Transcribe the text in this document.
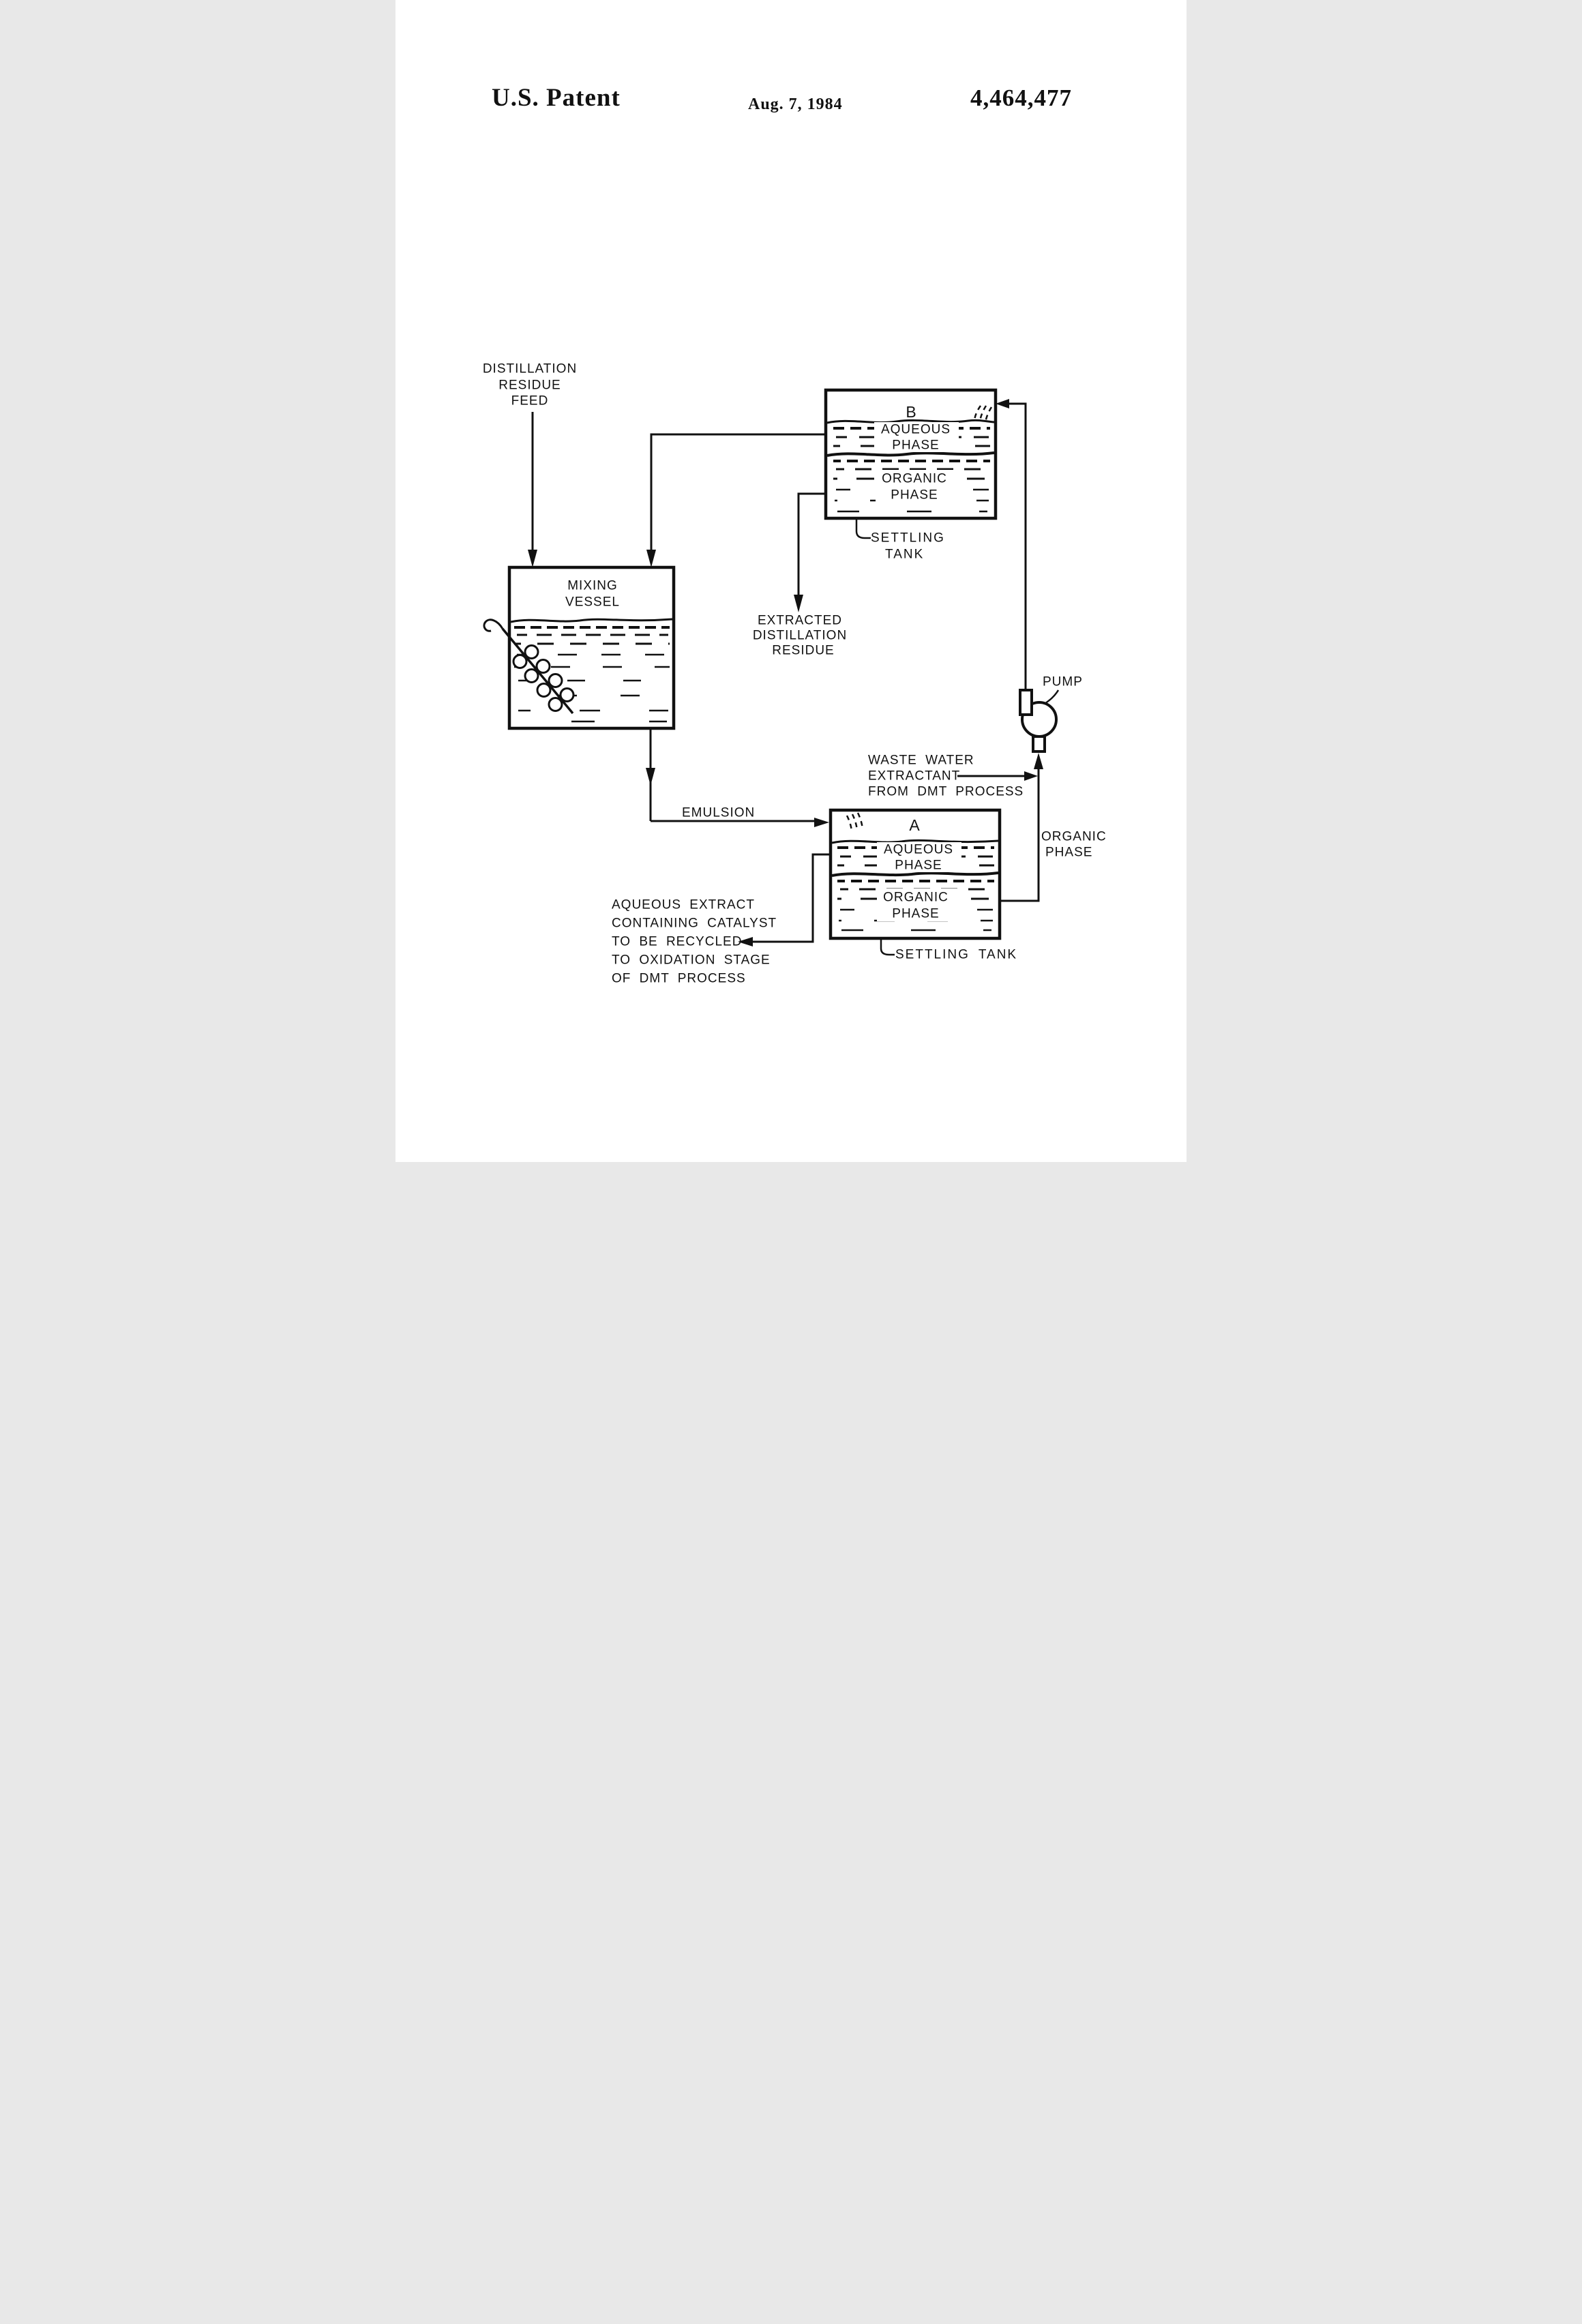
U.S. Patent	Aug. 7, 1984	4,464,477
B
AQUEOUS
PHASE
ORGANIC
PHASE
SETTLING
TANK
MIXING
VESSEL
A
AQUEOUS
PHASE
ORGANIC
PHASE
SETTLING TANK
PUMP
DISTILLATION
RESIDUE
FEED
EXTRACTED
DISTILLATION
RESIDUE
WASTE WATER
EXTRACTANT
FROM DMT PROCESS
EMULSION
ORGANIC
PHASE
AQUEOUS EXTRACT
CONTAINING CATALYST
TO BE RECYCLED
TO OXIDATION STAGE
OF DMT PROCESS
